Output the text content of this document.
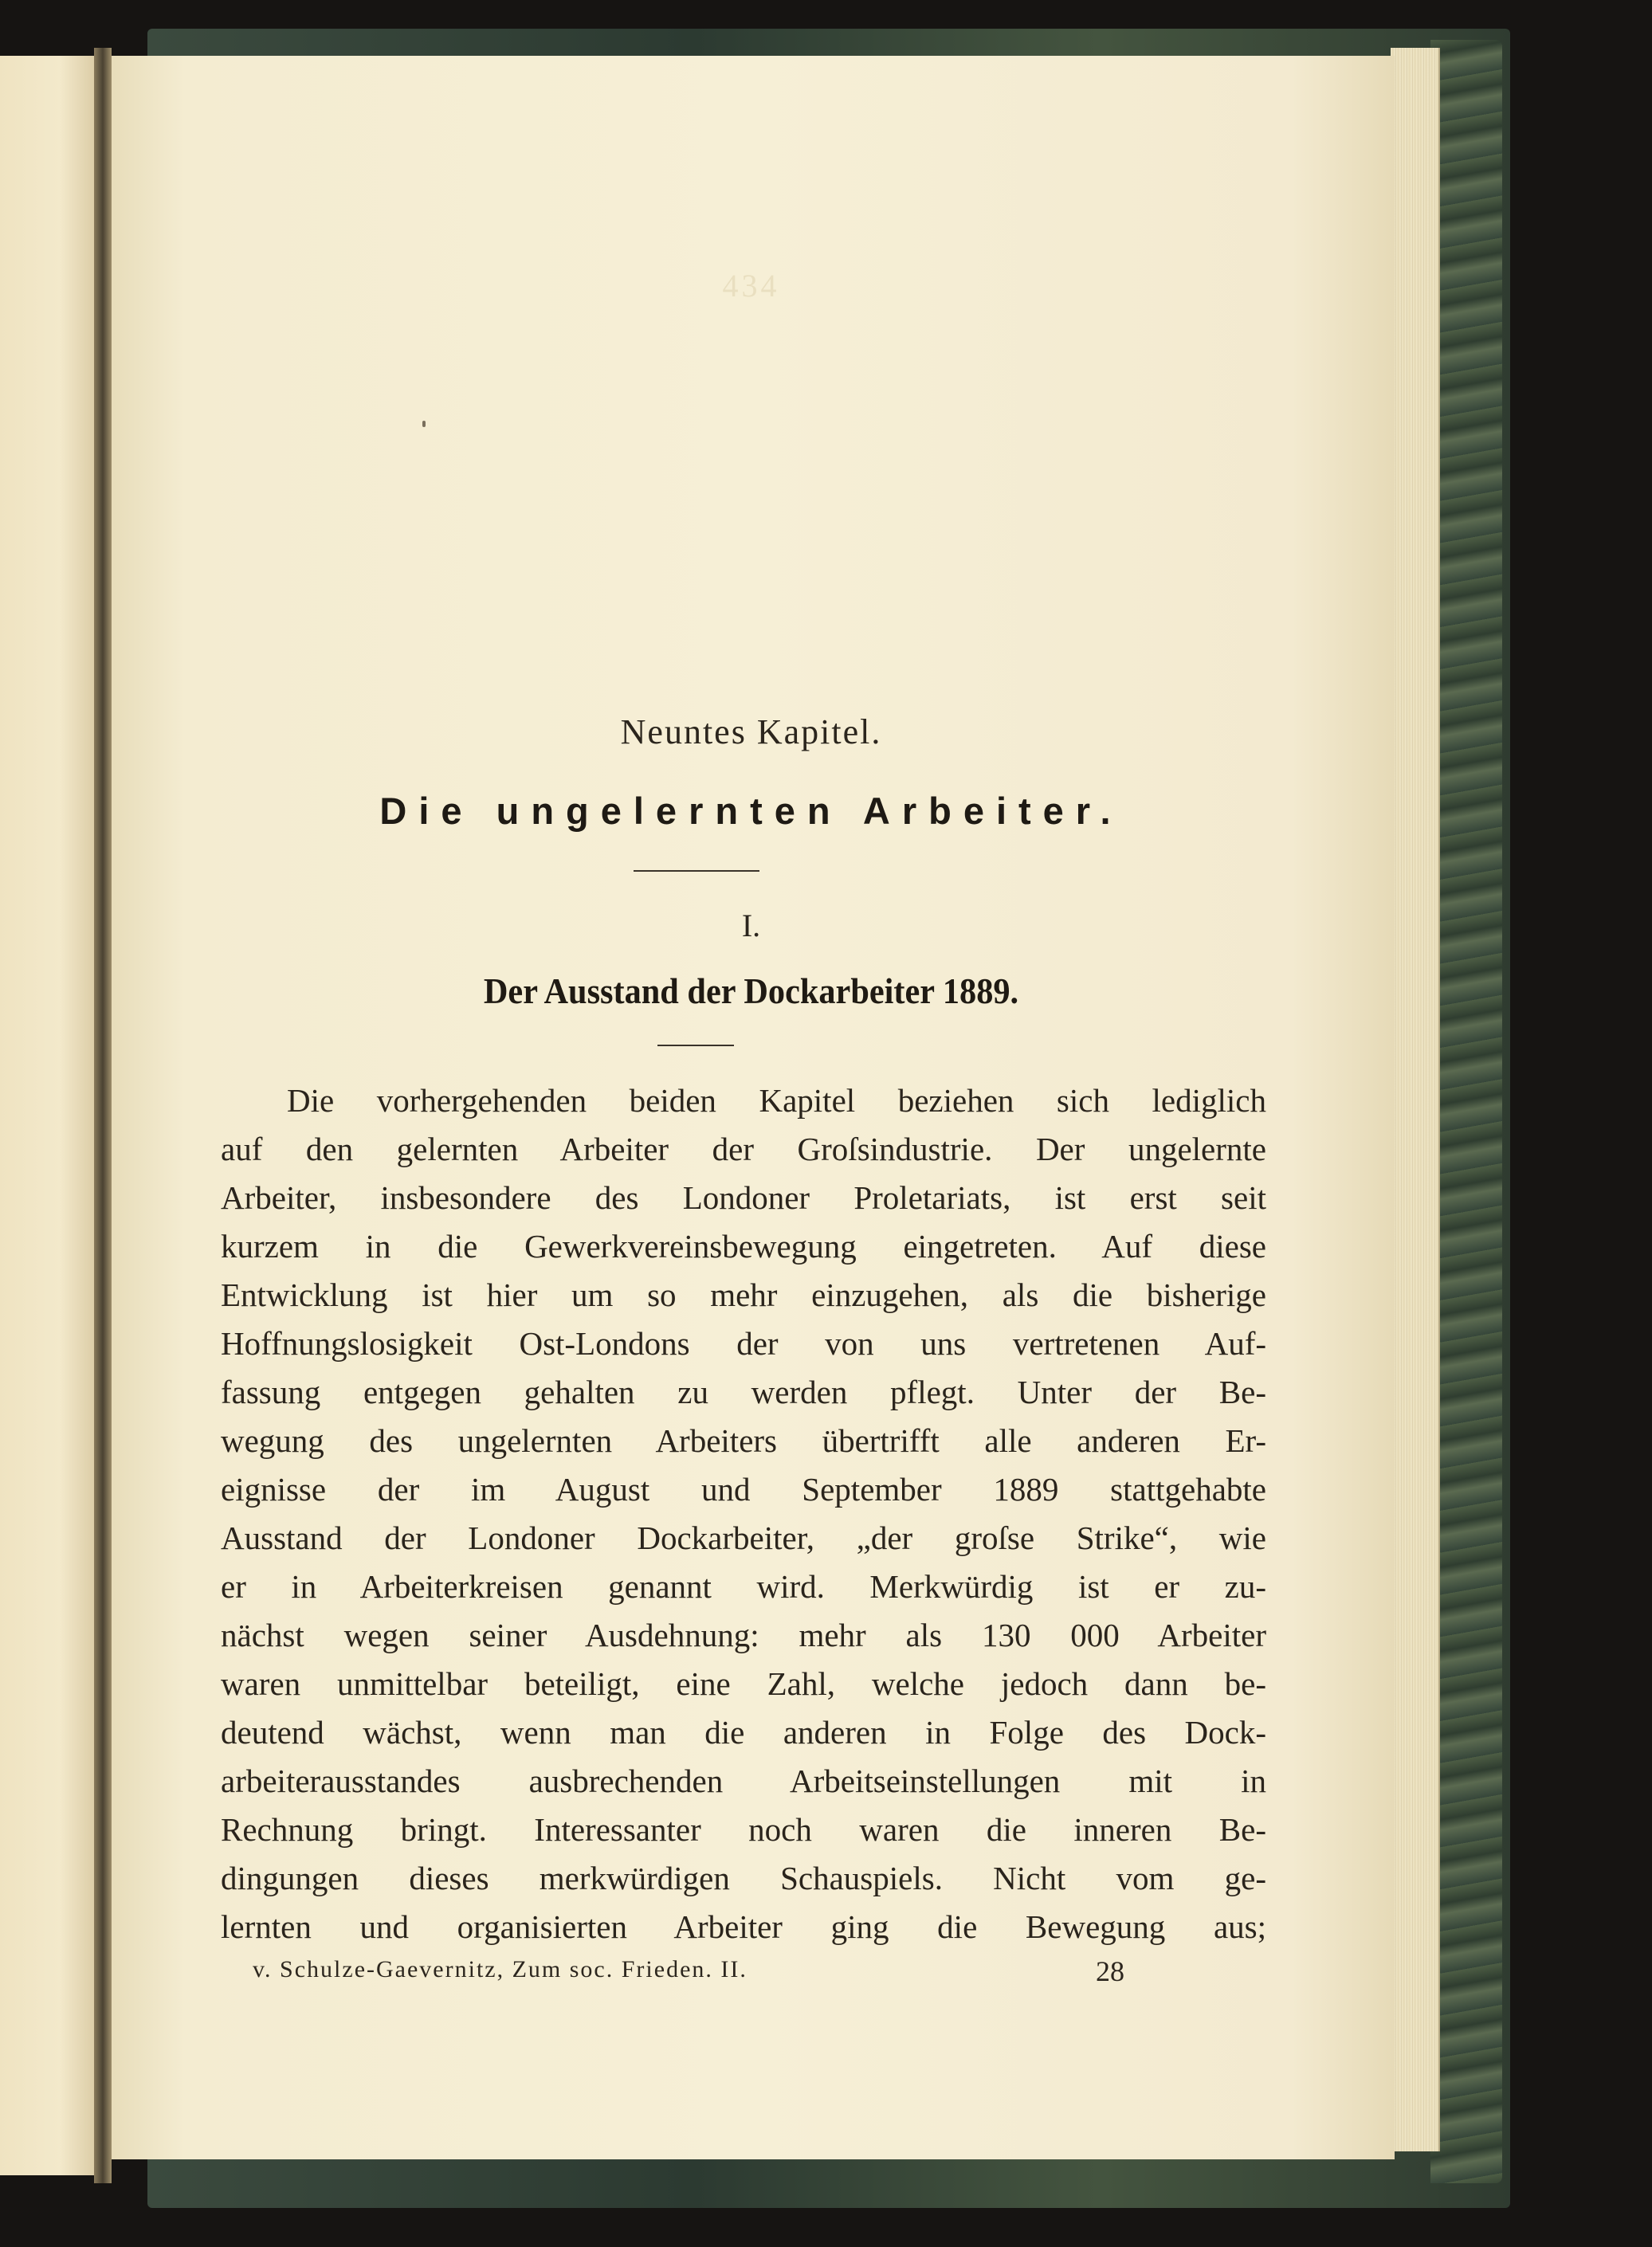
434
Neuntes Kapitel.
Die ungelernten Arbeiter.
I.
Der Ausstand der Dockarbeiter 1889.
Die vorhergehenden beiden Kapitel beziehen sich lediglich
auf den gelernten Arbeiter der Groſsindustrie. Der ungelernte
Arbeiter, insbesondere des Londoner Proletariats, ist erst seit
kurzem in die Gewerkvereinsbewegung eingetreten. Auf diese
Entwicklung ist hier um so mehr einzugehen, als die bisherige
Hoffnungslosigkeit Ost-Londons der von uns vertretenen Auf-
fassung entgegen gehalten zu werden pflegt. Unter der Be-
wegung des ungelernten Arbeiters übertrifft alle anderen Er-
eignisse der im August und September 1889 stattgehabte
Ausstand der Londoner Dockarbeiter, „der groſse Strike“, wie
er in Arbeiterkreisen genannt wird. Merkwürdig ist er zu-
nächst wegen seiner Ausdehnung: mehr als 130 000 Arbeiter
waren unmittelbar beteiligt, eine Zahl, welche jedoch dann be-
deutend wächst, wenn man die anderen in Folge des Dock-
arbeiterausstandes ausbrechenden Arbeitseinstellungen mit in
Rechnung bringt. Interessanter noch waren die inneren Be-
dingungen dieses merkwürdigen Schauspiels. Nicht vom ge-
lernten und organisierten Arbeiter ging die Bewegung aus;
v. Schulze-Gaevernitz, Zum soc. Frieden. II.	28
